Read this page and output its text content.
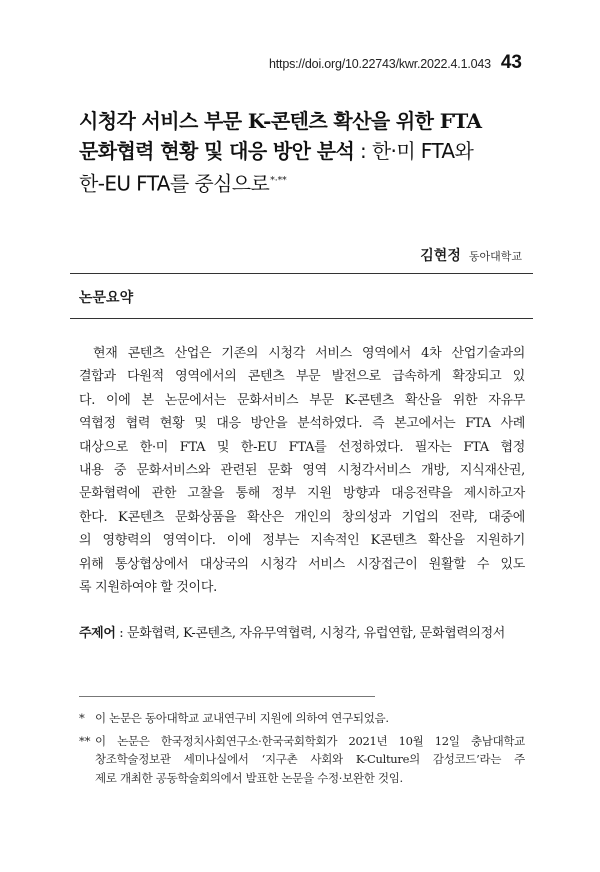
https://doi.org/10.22743/kwr.2022.4.1.043 43
시청각 서비스 부문 K-콘텐츠 확산을 위한 FTA
문화협력 현황 및 대응 방안 분석 : 한·미 FTA와
한-EU FTA를 중심으로*·**
김현정 동아대학교
논문요약
현재 콘텐츠 산업은 기존의 시청각 서비스 영역에서 4차 산업기술과의
결합과 다원적 영역에서의 콘텐츠 부문 발전으로 급속하게 확장되고 있
다. 이에 본 논문에서는 문화서비스 부문 K-콘텐츠 확산을 위한 자유무
역협정 협력 현황 및 대응 방안을 분석하였다. 즉 본고에서는 FTA 사례
대상으로 한·미 FTA 및 한-EU FTA를 선정하였다. 필자는 FTA 협정
내용 중 문화서비스와 관련된 문화 영역 시청각서비스 개방, 지식재산권,
문화협력에 관한 고찰을 통해 정부 지원 방향과 대응전략을 제시하고자
한다. K콘텐츠 문화상품을 확산은 개인의 창의성과 기업의 전략, 대중에
의 영향력의 영역이다. 이에 정부는 지속적인 K콘텐츠 확산을 지원하기
위해 통상협상에서 대상국의 시청각 서비스 시장접근이 원활할 수 있도
록 지원하여야 할 것이다.
주제어 : 문화협력, K-콘텐츠, 자유무역협력, 시청각, 유럽연합, 문화협력의정서
* 이 논문은 동아대학교 교내연구비 지원에 의하여 연구되었음.
** 이 논문은 한국정치사회연구소·한국국회학회가 2021년 10월 12일 충남대학교
창조학술정보관 세미나실에서 ‘지구촌 사회와 K-Culture의 감성코드’라는 주
제로 개최한 공동학술회의에서 발표한 논문을 수정·보완한 것임.
